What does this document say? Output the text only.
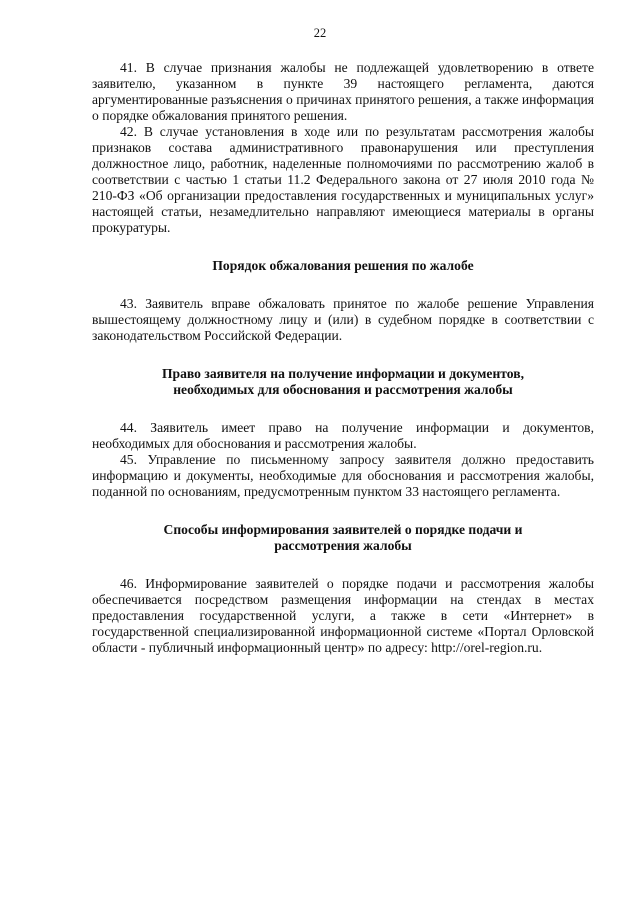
22

41. В случае признания жалобы не подлежащей удовлетворению в ответе заявителю, указанном в пункте 39 настоящего регламента, даются аргументированные разъяснения о причинах принятого решения, а также информация о порядке обжалования принятого решения.

42. В случае установления в ходе или по результатам рассмотрения жалобы признаков состава административного правонарушения или преступления должностное лицо, работник, наделенные полномочиями по рассмотрению жалоб в соответствии с частью 1 статьи 11.2 Федерального закона от 27 июля 2010 года № 210-ФЗ «Об организации предоставления государственных и муниципальных услуг» настоящей статьи, незамедлительно направляют имеющиеся материалы в органы прокуратуры.

Порядок обжалования решения по жалобе

43. Заявитель вправе обжаловать принятое по жалобе решение Управления вышестоящему должностному лицу и (или) в судебном порядке в соответствии с законодательством Российской Федерации.

Право заявителя на получение информации и документов,
необходимых для обоснования и рассмотрения жалобы

44. Заявитель имеет право на получение информации и документов, необходимых для обоснования и рассмотрения жалобы.

45. Управление по письменному запросу заявителя должно предоставить информацию и документы, необходимые для обоснования и рассмотрения жалобы, поданной по основаниям, предусмотренным пунктом 33 настоящего регламента.

Способы информирования заявителей о порядке подачи и
рассмотрения жалобы

46. Информирование заявителей о порядке подачи и рассмотрения жалобы обеспечивается посредством размещения информации на стендах в местах предоставления государственной услуги, а также в сети «Интернет» в государственной специализированной информационной системе «Портал Орловской области - публичный информационный центр» по адресу: http://orel-region.ru.
